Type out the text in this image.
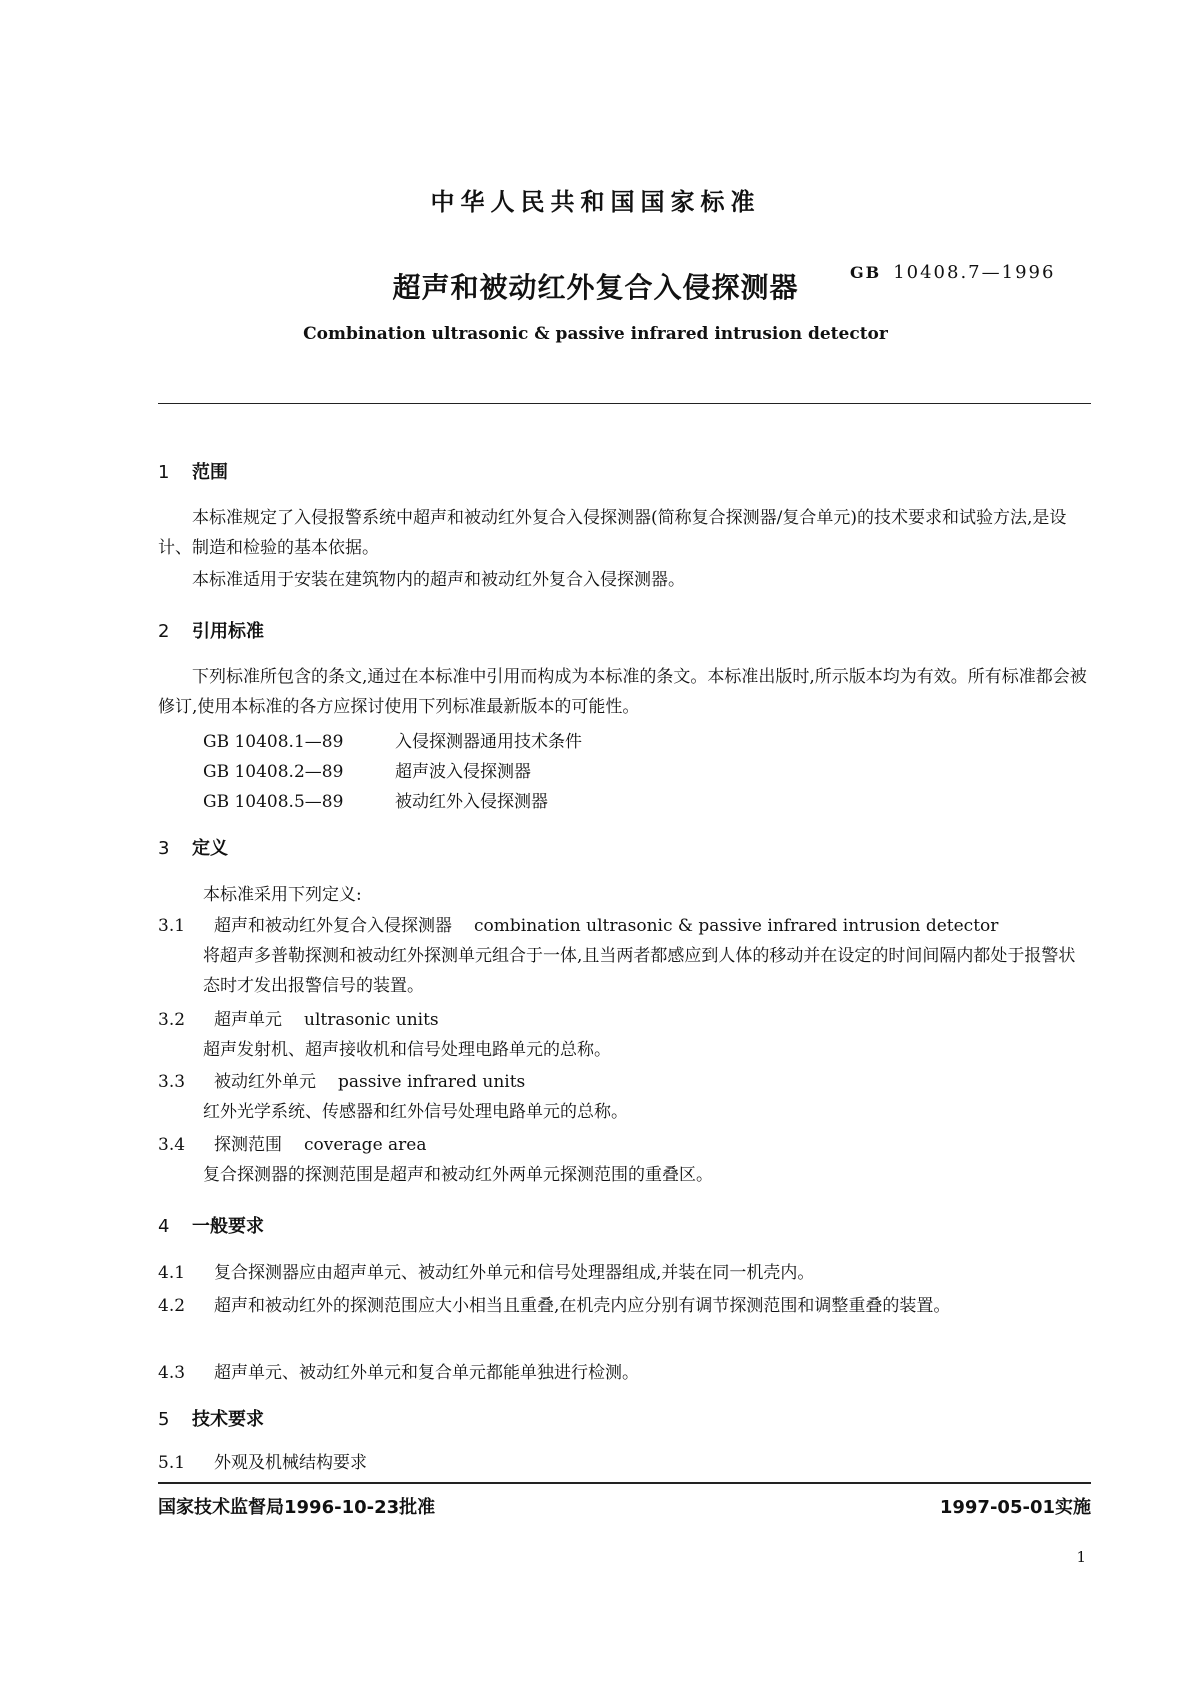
中华人民共和国国家标准
超声和被动红外复合入侵探测器	GB 10408.7—1996
Combination ultrasonic & passive infrared intrusion detector
1 范围
本标准规定了入侵报警系统中超声和被动红外复合入侵探测器(简称复合探测器/复合单元)的技术要求和试验方法,是设计、制造和检验的基本依据。
本标准适用于安装在建筑物内的超声和被动红外复合入侵探测器。
2 引用标准
下列标准所包含的条文,通过在本标准中引用而构成为本标准的条文。本标准出版时,所示版本均为有效。所有标准都会被修订,使用本标准的各方应探讨使用下列标准最新版本的可能性。
GB 10408.1—89	入侵探测器通用技术条件
GB 10408.2—89	超声波入侵探测器
GB 10408.5—89	被动红外入侵探测器
3 定义
本标准采用下列定义:
3.1 超声和被动红外复合入侵探测器 combination ultrasonic & passive infrared intrusion detector
将超声多普勒探测和被动红外探测单元组合于一体,且当两者都感应到人体的移动并在设定的时间间隔内都处于报警状态时才发出报警信号的装置。
3.2 超声单元 ultrasonic units
超声发射机、超声接收机和信号处理电路单元的总称。
3.3 被动红外单元 passive infrared units
红外光学系统、传感器和红外信号处理电路单元的总称。
3.4 探测范围 coverage area
复合探测器的探测范围是超声和被动红外两单元探测范围的重叠区。
4 一般要求
4.1 复合探测器应由超声单元、被动红外单元和信号处理器组成,并装在同一机壳内。
4.2 超声和被动红外的探测范围应大小相当且重叠,在机壳内应分别有调节探测范围和调整重叠的装置。
4.3 超声单元、被动红外单元和复合单元都能单独进行检测。
5 技术要求
5.1 外观及机械结构要求
国家技术监督局1996-10-23批准	1997-05-01实施
1
